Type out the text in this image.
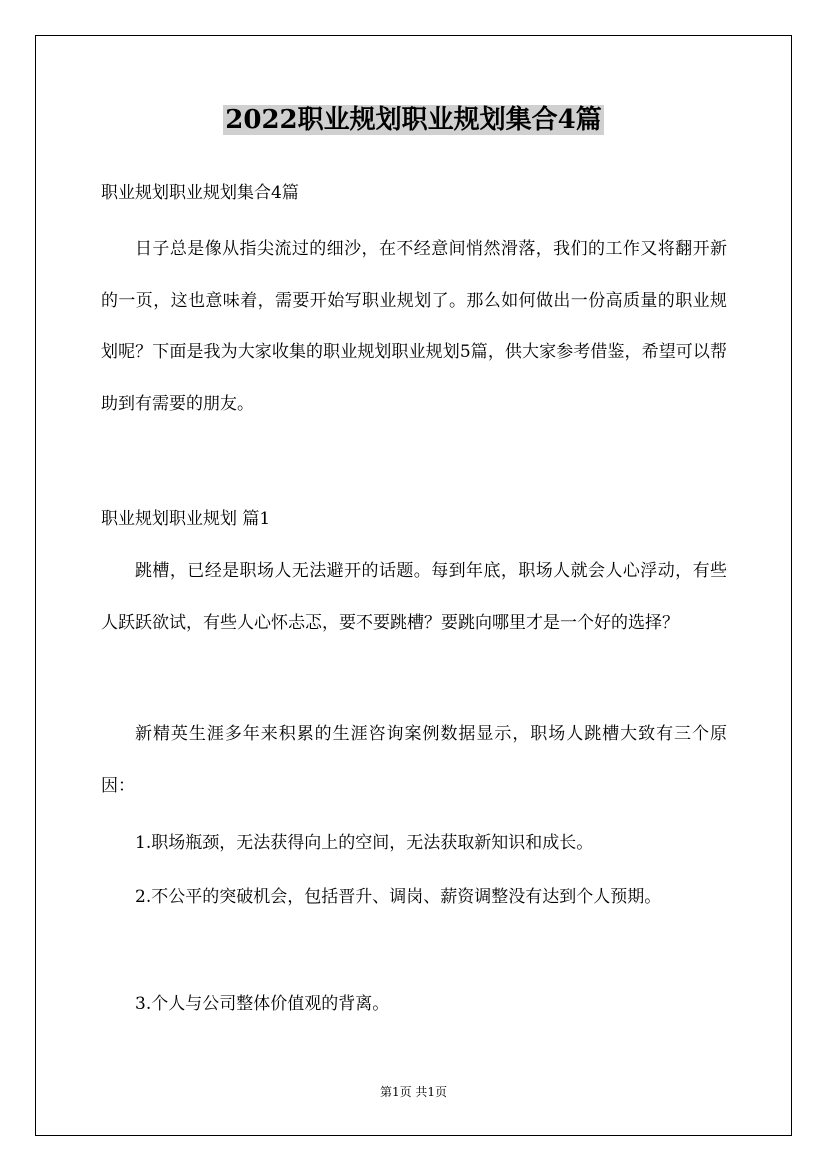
2022职业规划职业规划集合4篇
职业规划职业规划集合4篇
日子总是像从指尖流过的细沙，在不经意间悄然滑落，我们的工作又将翻开新的一页，这也意味着，需要开始写职业规划了。那么如何做出一份高质量的职业规划呢？下面是我为大家收集的职业规划职业规划5篇，供大家参考借鉴，希望可以帮助到有需要的朋友。
职业规划职业规划 篇1
跳槽，已经是职场人无法避开的话题。每到年底，职场人就会人心浮动，有些人跃跃欲试，有些人心怀忐忑，要不要跳槽？要跳向哪里才是一个好的选择？
新精英生涯多年来积累的生涯咨询案例数据显示，职场人跳槽大致有三个原因：
1.职场瓶颈，无法获得向上的空间，无法获取新知识和成长。
2.不公平的突破机会，包括晋升、调岗、薪资调整没有达到个人预期。
3.个人与公司整体价值观的背离。
第1页 共1页
